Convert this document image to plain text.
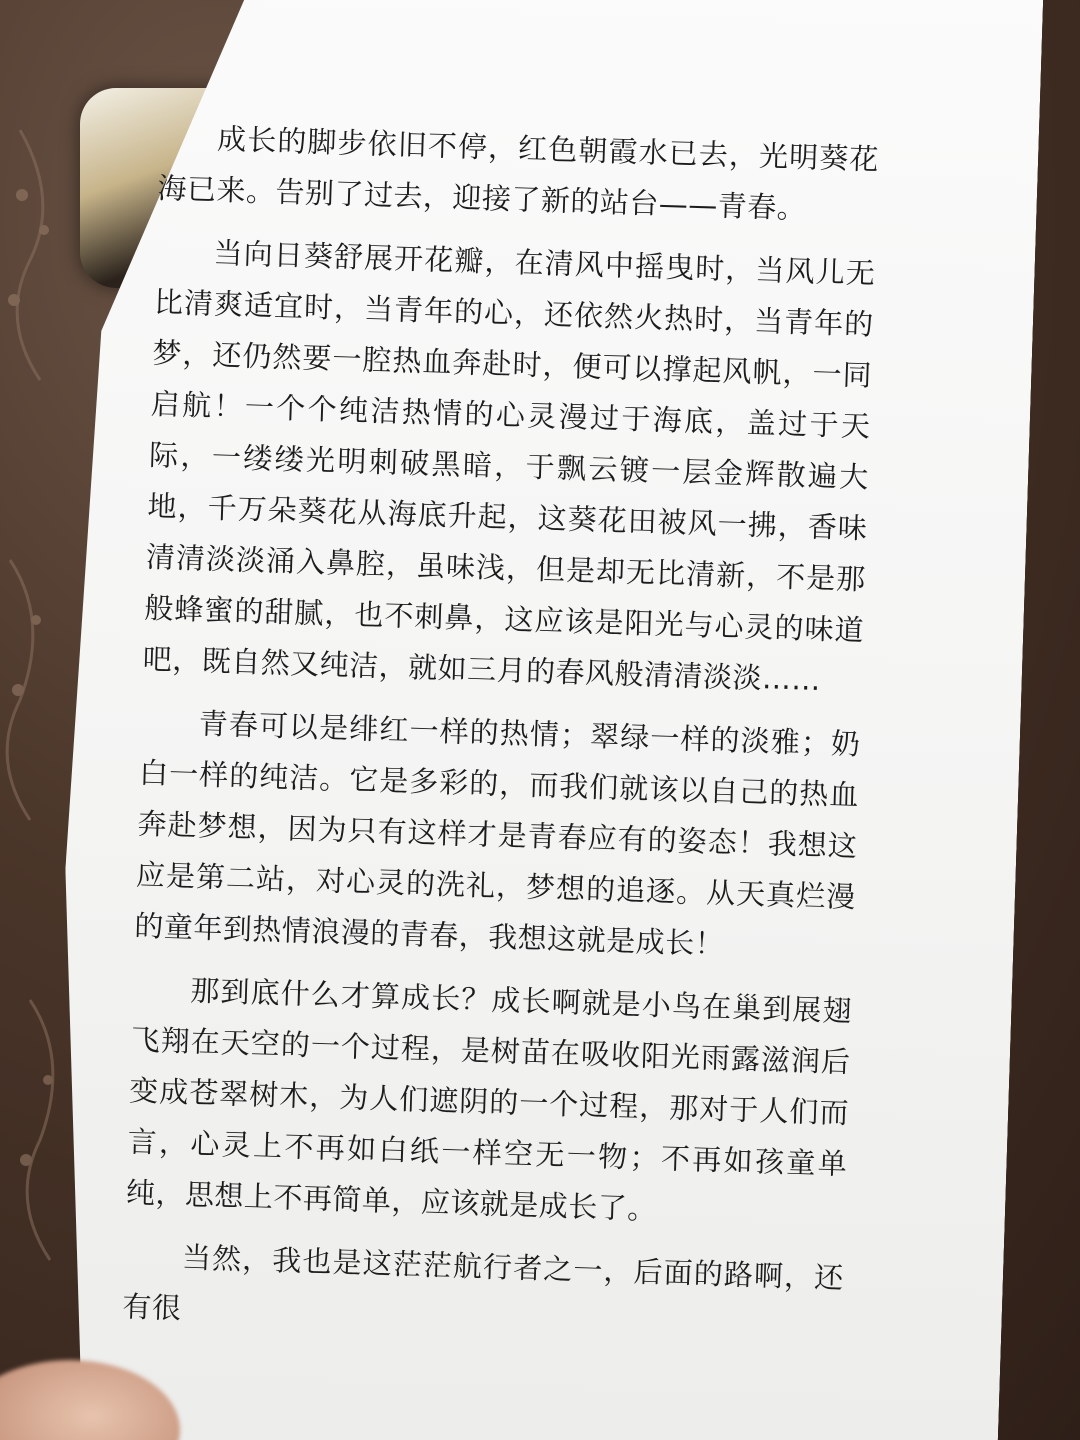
成长的脚步依旧不停，红色朝霞水已去，光明葵花海已来。告别了过去，迎接了新的站台——青春。

当向日葵舒展开花瓣，在清风中摇曳时，当风儿无比清爽适宜时，当青年的心，还依然火热时，当青年的梦，还仍然要一腔热血奔赴时，便可以撑起风帆，一同启航！一个个纯洁热情的心灵漫过于海底，盖过于天际，一缕缕光明刺破黑暗，于飘云镀一层金辉散遍大地，千万朵葵花从海底升起，这葵花田被风一拂，香味清清淡淡涌入鼻腔，虽味浅，但是却无比清新，不是那般蜂蜜的甜腻，也不刺鼻，这应该是阳光与心灵的味道吧，既自然又纯洁，就如三月的春风般清清淡淡……

青春可以是绯红一样的热情；翠绿一样的淡雅；奶白一样的纯洁。它是多彩的，而我们就该以自己的热血奔赴梦想，因为只有这样才是青春应有的姿态！我想这应是第二站，对心灵的洗礼，梦想的追逐。从天真烂漫的童年到热情浪漫的青春，我想这就是成长！

那到底什么才算成长？成长啊就是小鸟在巢到展翅飞翔在天空的一个过程，是树苗在吸收阳光雨露滋润后变成苍翠树木，为人们遮阴的一个过程，那对于人们而言，心灵上不再如白纸一样空无一物；不再如孩童单纯，思想上不再简单，应该就是成长了。

当然，我也是这茫茫航行者之一，后面的路啊，还有很
